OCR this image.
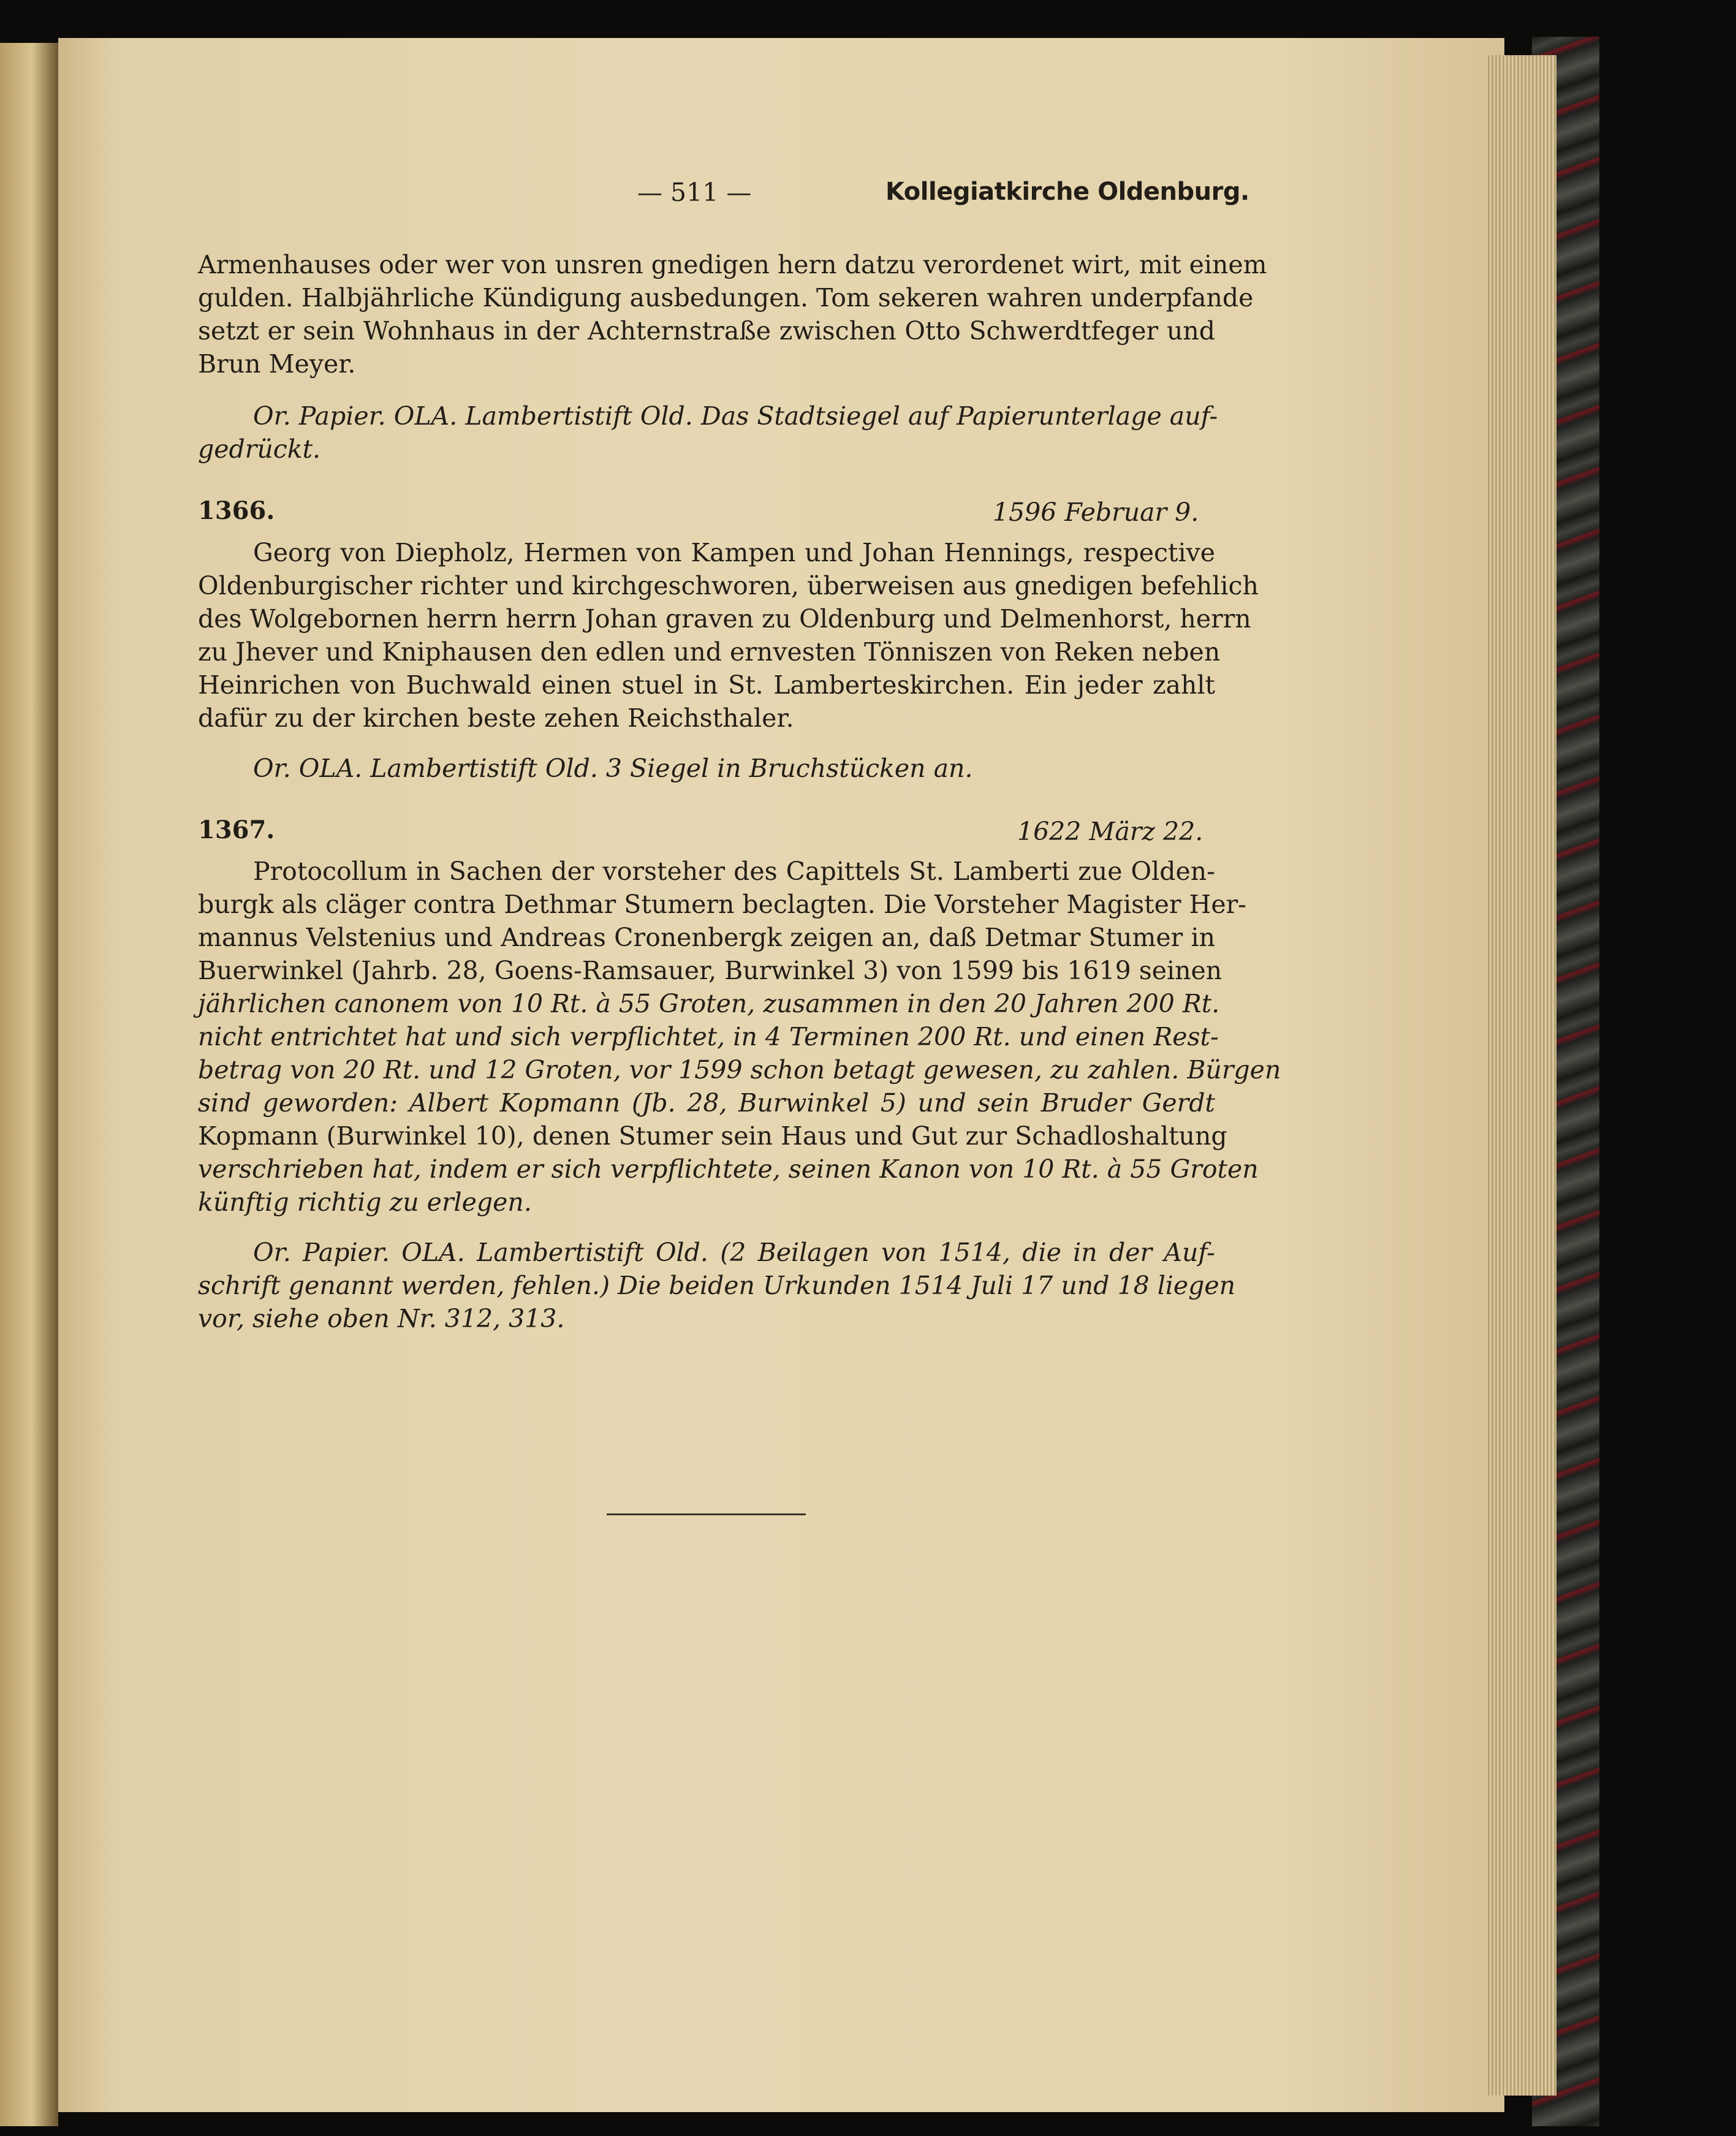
— 511 —	Kollegiatkirche Oldenburg.
Armenhauses oder wer von unsren gnedigen hern datzu verordenet wirt, mit einem
gulden. Halbjährliche Kündigung ausbedungen. Tom sekeren wahren underpfande
setzt er sein Wohnhaus in der Achternstraße zwischen Otto Schwerdtfeger und
Brun Meyer.
Or. Papier. OLA. Lambertistift Old. Das Stadtsiegel auf Papierunterlage auf-
gedrückt.
Georg von Diepholz, Hermen von Kampen und Johan Hennings, respective
Oldenburgischer richter und kirchgeschworen, überweisen aus gnedigen befehlich
des Wolgebornen herrn herrn Johan graven zu Oldenburg und Delmenhorst, herrn
zu Jhever und Kniphausen den edlen und ernvesten Tönniszen von Reken neben
Heinrichen von Buchwald einen stuel in St. Lamberteskirchen. Ein jeder zahlt
dafür zu der kirchen beste zehen Reichsthaler.
Or. OLA. Lambertistift Old. 3 Siegel in Bruchstücken an.
Protocollum in Sachen der vorsteher des Capittels St. Lamberti zue Olden-
burgk als cläger contra Dethmar Stumern beclagten. Die Vorsteher Magister Her-
mannus Velstenius und Andreas Cronenbergk zeigen an, daß Detmar Stumer in
Buerwinkel (Jahrb. 28, Goens-Ramsauer, Burwinkel 3) von 1599 bis 1619 seinen
jährlichen canonem von 10 Rt. à 55 Groten, zusammen in den 20 Jahren 200 Rt.
nicht entrichtet hat und sich verpflichtet, in 4 Terminen 200 Rt. und einen Rest-
betrag von 20 Rt. und 12 Groten, vor 1599 schon betagt gewesen, zu zahlen. Bürgen
sind geworden: Albert Kopmann (Jb. 28, Burwinkel 5) und sein Bruder Gerdt
Kopmann (Burwinkel 10), denen Stumer sein Haus und Gut zur Schadloshaltung
verschrieben hat, indem er sich verpflichtete, seinen Kanon von 10 Rt. à 55 Groten
künftig richtig zu erlegen.
Or. Papier. OLA. Lambertistift Old. (2 Beilagen von 1514, die in der Auf-
schrift genannt werden, fehlen.) Die beiden Urkunden 1514 Juli 17 und 18 liegen
vor, siehe oben Nr. 312, 313.
1366.	1596 Februar 9.
1367.	1622 März 22.
